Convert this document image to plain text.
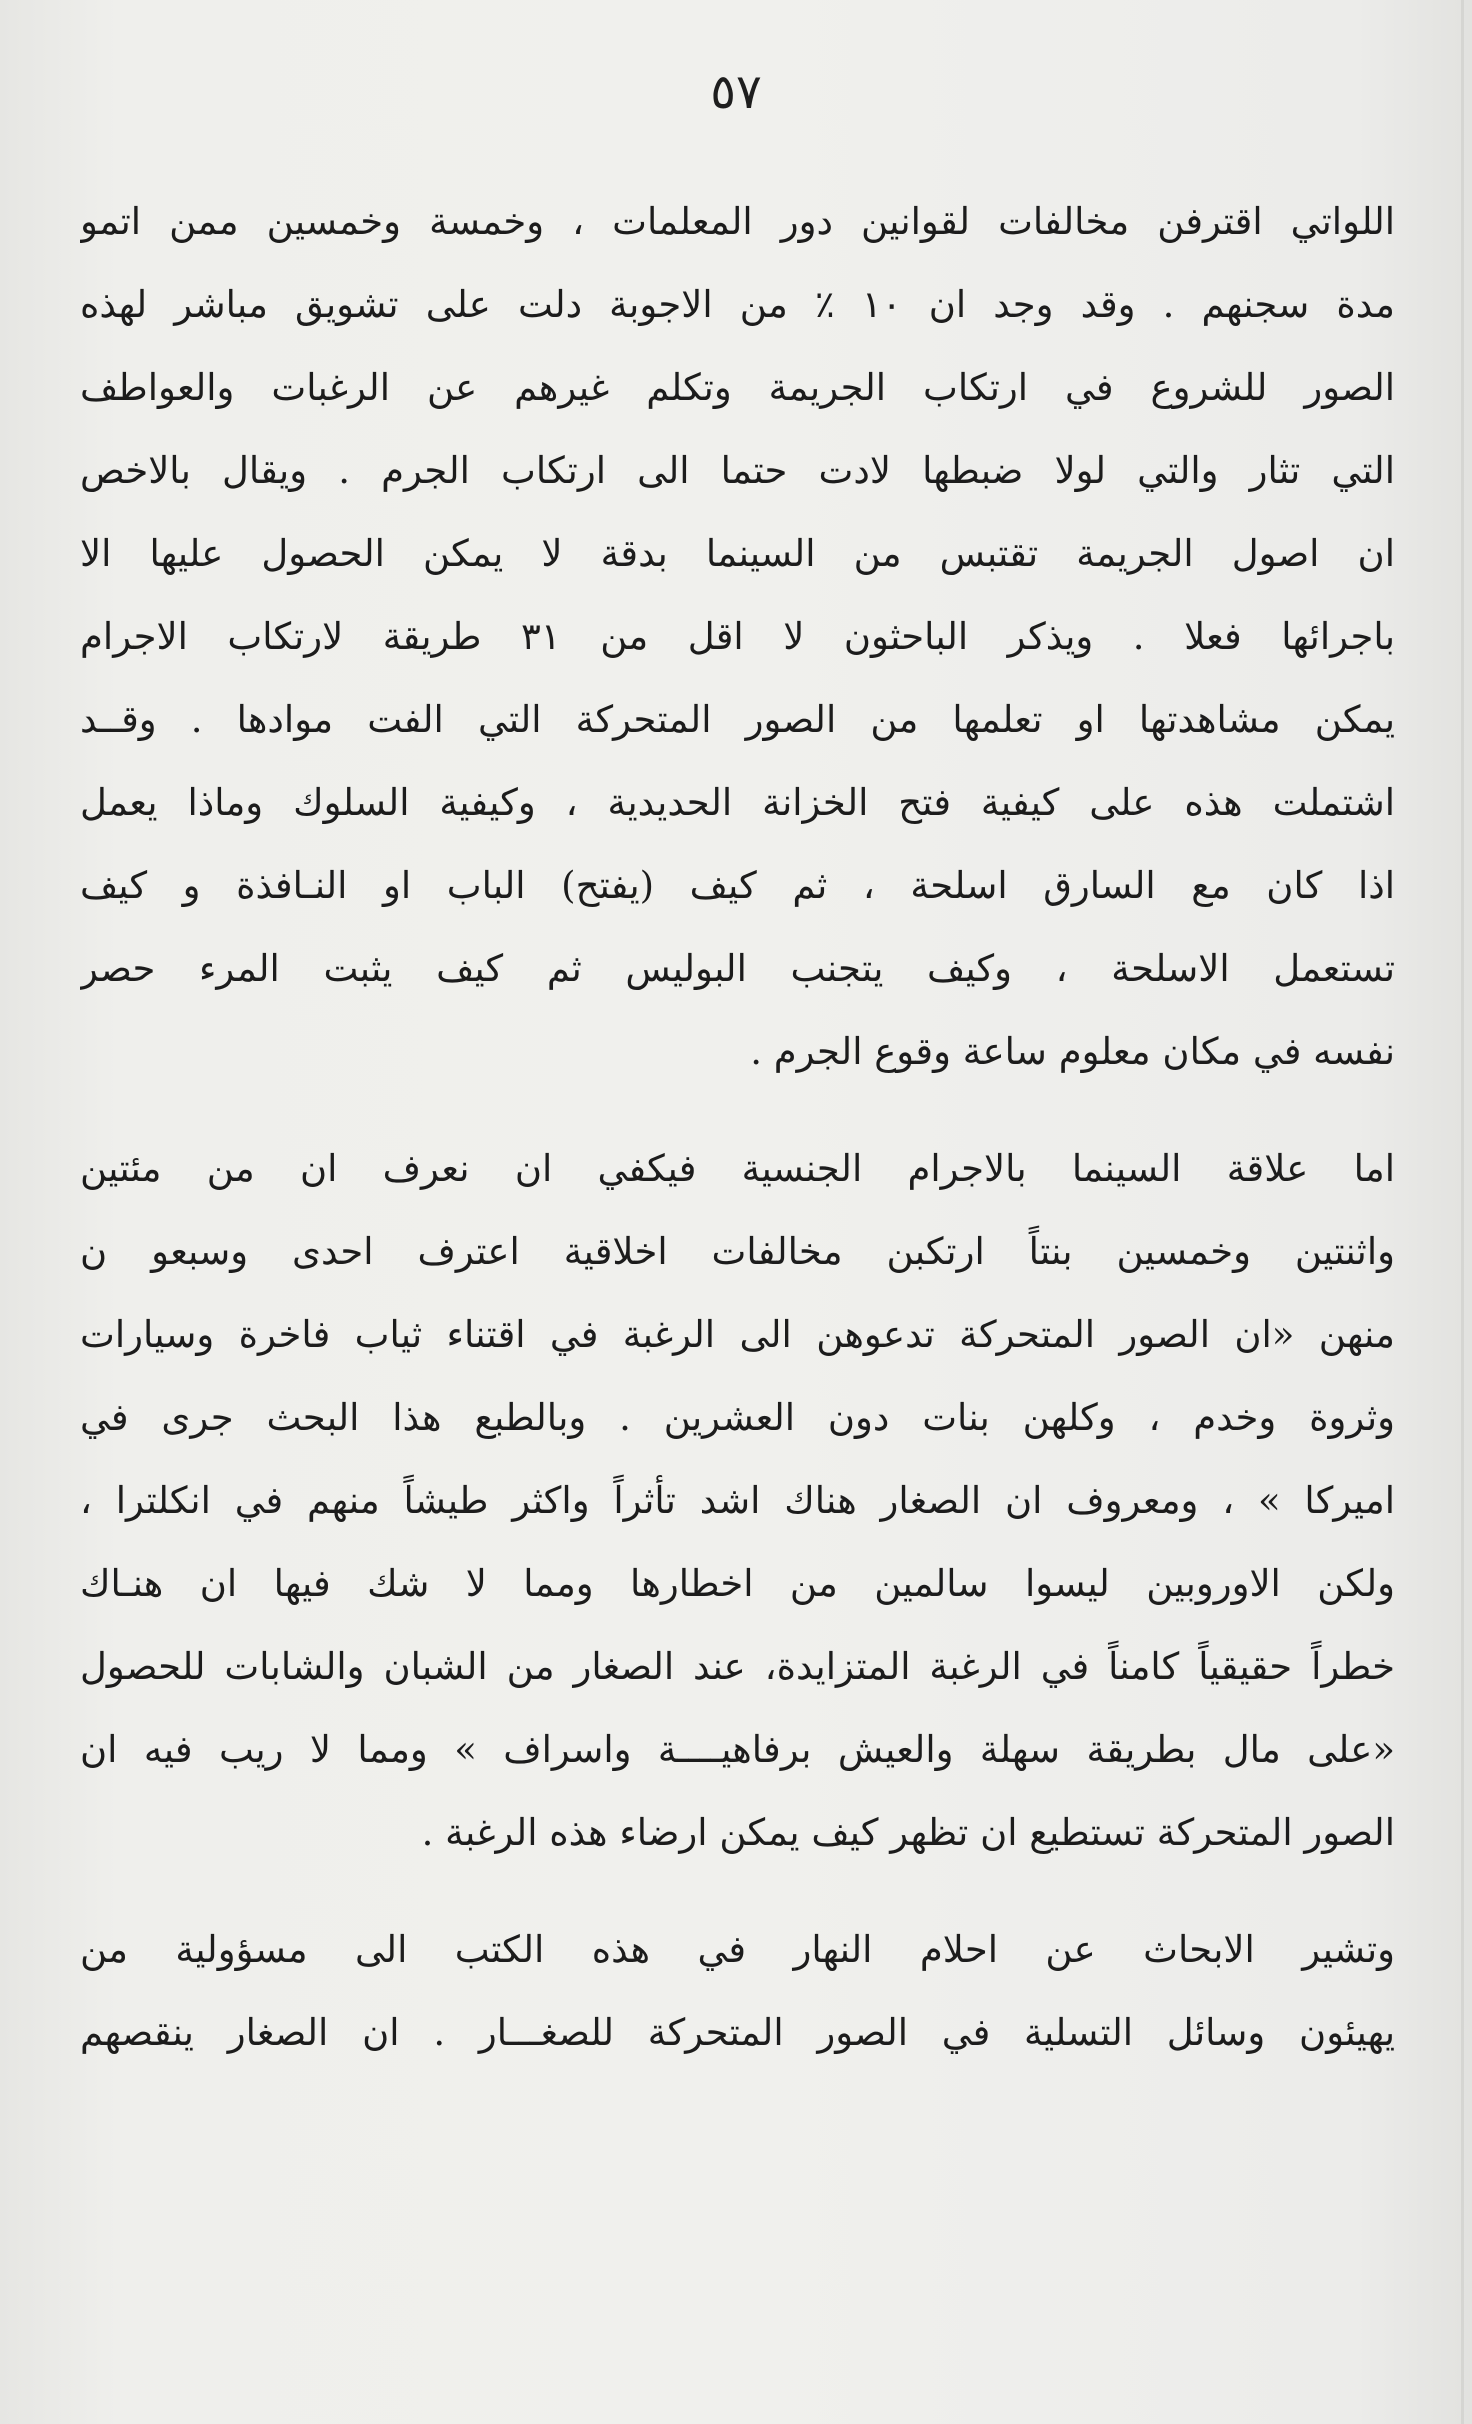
٥٧
اللواتي اقترفن مخالفات لقوانين دور المعلمات ، وخمسة وخمسين ممن اتمو
مدة سجنهم . وقد وجد ان ١٠ ٪ من الاجوبة دلت على تشويق مباشر لهذه
الصور للشروع في ارتكاب الجريمة وتكلم غيرهم عن الرغبات والعواطف
التي تثار والتي لولا ضبطها لادت حتما الى ارتكاب الجرم . ويقال بالاخص
ان اصول الجريمة تقتبس من السينما بدقة لا يمكن الحصول عليها الا
باجرائها فعلا . ويذكر الباحثون لا اقل من ٣١ طريقة لارتكاب الاجرام
يمكن مشاهدتها او تعلمها من الصور المتحركة التي الفت موادها . وقــد
اشتملت هذه على كيفية فتح الخزانة الحديدية ، وكيفية السلوك وماذا يعمل
اذا كان مع السارق اسلحة ، ثم كيف (يفتح) الباب او النـافذة و كيف
تستعمل الاسلحة ، وكيف يتجنب البوليس ثم كيف يثبت المرء حصر
نفسه في مكان معلوم ساعة وقوع الجرم .
اما علاقة السينما بالاجرام الجنسية فيكفي ان نعرف ان من مئتين
واثنتين وخمسين بنتاً ارتكبن مخالفات اخلاقية اعترف احدى وسبعو ن
منهن «ان الصور المتحركة تدعوهن الى الرغبة في اقتناء ثياب فاخرة وسيارات
وثروة وخدم ، وكلهن بنات دون العشرين . وبالطبع هذا البحث جرى في
اميركا » ، ومعروف ان الصغار هناك اشد تأثراً واكثر طيشاً منهم في انكلترا ،
ولكن الاوروبين ليسوا سالمين من اخطارها ومما لا شك فيها ان هنـاك
خطراً حقيقياً كامناً في الرغبة المتزايدة، عند الصغار من الشبان والشابات للحصول
«على مال بطريقة سهلة والعيش برفاهيــــة واسراف » ومما لا ريب فيه ان
الصور المتحركة تستطيع ان تظهر كيف يمكن ارضاء هذه الرغبة .
وتشير الابحاث عن احلام النهار في هذه الكتب الى مسؤولية من
يهيئون وسائل التسلية في الصور المتحركة للصغـــار . ان الصغار ينقصهم
